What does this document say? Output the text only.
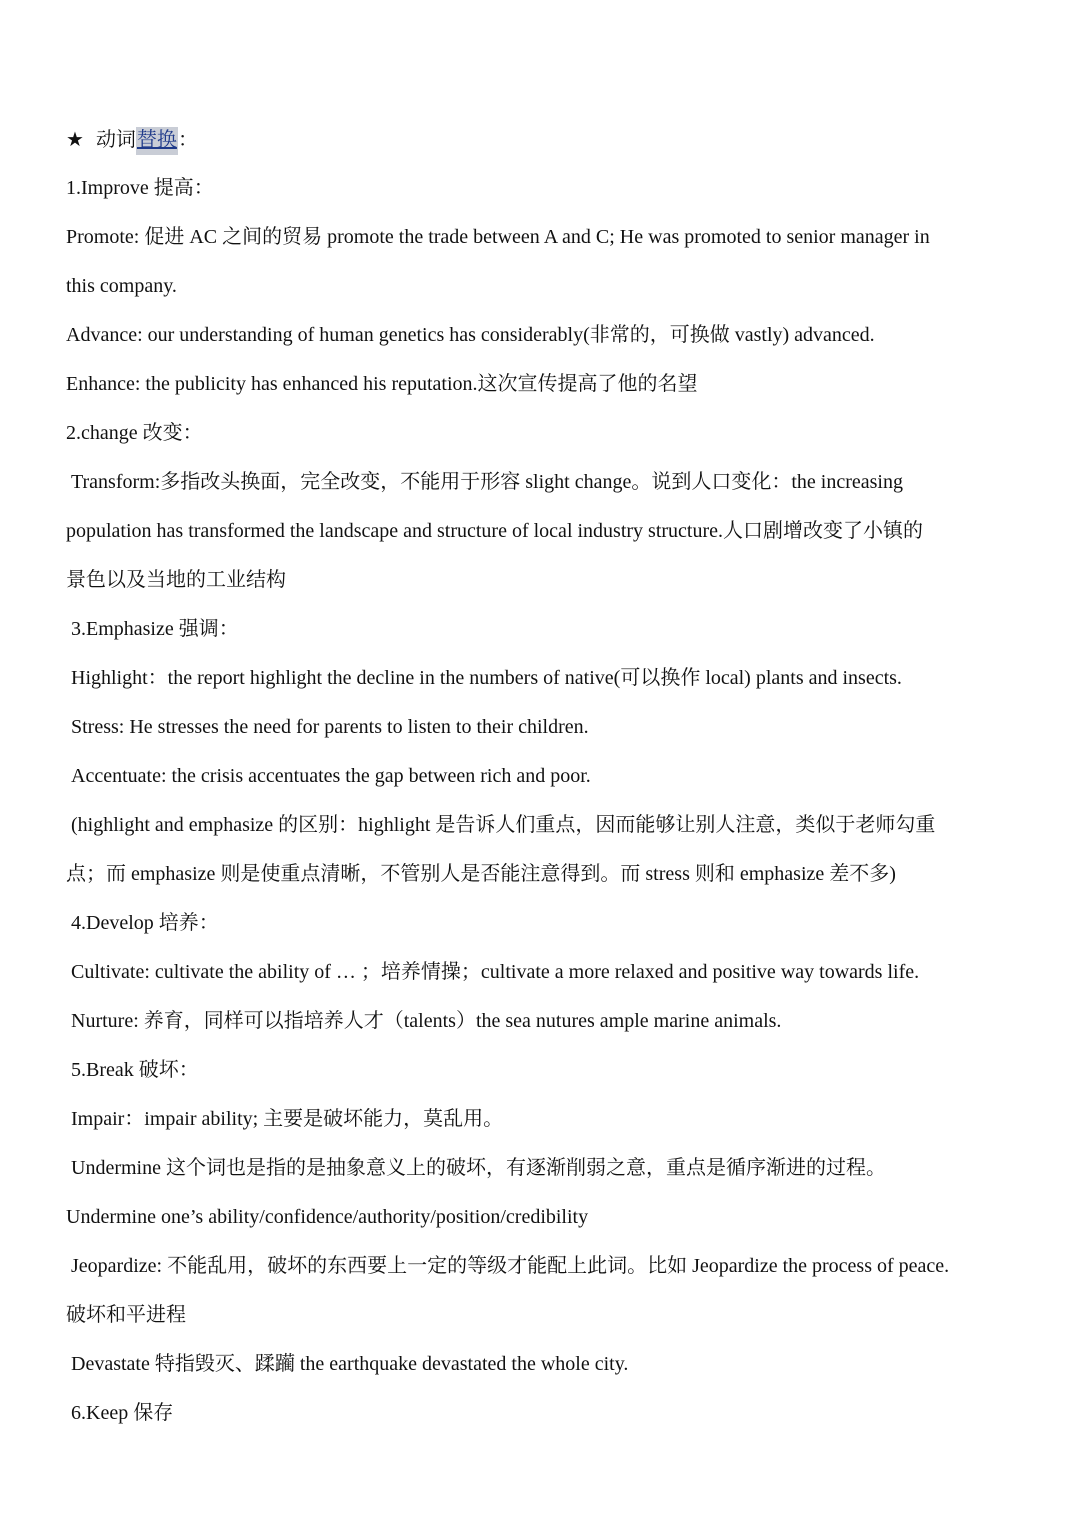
★ 动词替换：
1.Improve 提高：
Promote: 促进 AC 之间的贸易 promote the trade between A and C; He was promoted to senior manager in
this company.
Advance: our understanding of human genetics has considerably(非常的，可换做 vastly) advanced.
Enhance: the publicity has enhanced his reputation.这次宣传提高了他的名望
2.change 改变：
Transform:多指改头换面，完全改变，不能用于形容 slight change。说到人口变化：the increasing
population has transformed the landscape and structure of local industry structure.人口剧增改变了小镇的
景色以及当地的工业结构
3.Emphasize 强调：
Highlight：the report highlight the decline in the numbers of native(可以换作 local) plants and insects.
Stress: He stresses the need for parents to listen to their children.
Accentuate: the crisis accentuates the gap between rich and poor.
(highlight and emphasize 的区别：highlight 是告诉人们重点，因而能够让别人注意，类似于老师勾重
点；而 emphasize 则是使重点清晰，不管别人是否能注意得到。而 stress 则和 emphasize 差不多)
4.Develop 培养：
Cultivate: cultivate the ability of … ；培养情操；cultivate a more relaxed and positive way towards life.
Nurture: 养育，同样可以指培养人才（talents）the sea nutures ample marine animals.
5.Break 破坏：
Impair：impair ability; 主要是破坏能力，莫乱用。
Undermine 这个词也是指的是抽象意义上的破坏，有逐渐削弱之意，重点是循序渐进的过程。
Undermine one’s ability/confidence/authority/position/credibility
Jeopardize: 不能乱用，破坏的东西要上一定的等级才能配上此词。比如 Jeopardize the process of peace.
破坏和平进程
Devastate 特指毁灭、蹂躏 the earthquake devastated the whole city.
6.Keep 保存
